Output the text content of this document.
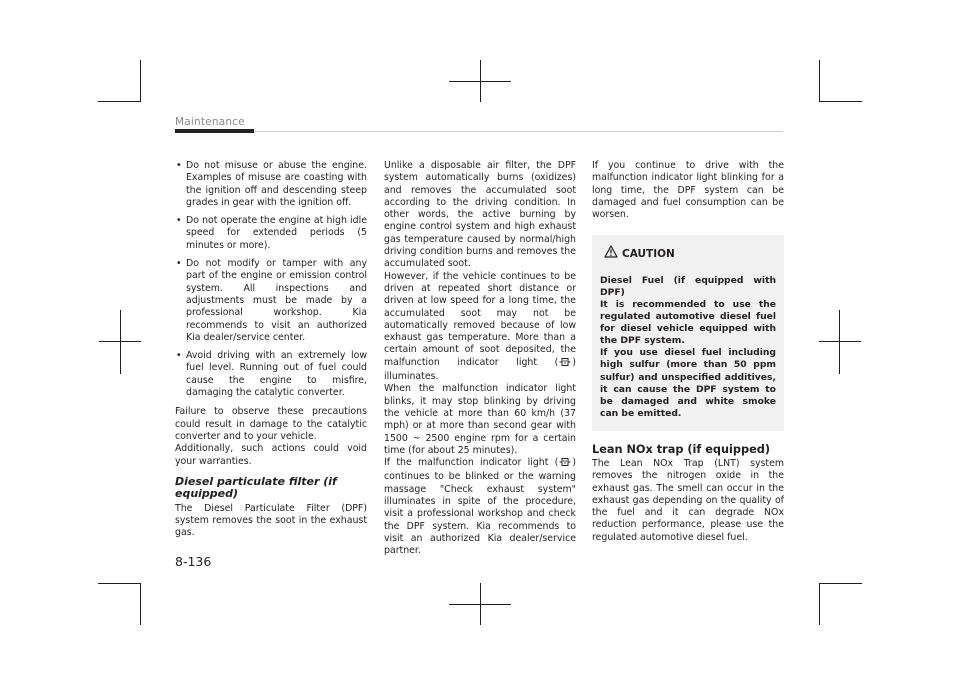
Maintenance
• Do not misuse or abuse the engine. Examples of misuse are coasting with the ignition off and descending steep grades in gear with the ignition off.
• Do not operate the engine at high idle speed for extended periods (5 minutes or more).
• Do not modify or tamper with any part of the engine or emission control system. All inspections and adjustments must be made by a professional workshop. Kia recommends to visit an authorized Kia dealer/service center.
• Avoid driving with an extremely low fuel level. Running out of fuel could cause the engine to misfire, damaging the catalytic converter.

Failure to observe these precautions could result in damage to the catalytic converter and to your vehicle.

Additionally, such actions could void your warranties.

Diesel particulate filter (if equipped)

The Diesel Particulate Filter (DPF) system removes the soot in the exhaust gas.

Unlike a disposable air filter, the DPF system automatically burns (oxidizes) and removes the accumulated soot according to the driving condition. In other words, the active burning by engine control system and high exhaust gas temperature caused by normal/high driving condition burns and removes the accumulated soot.

However, if the vehicle continues to be driven at repeated short distance or driven at low speed for a long time, the accumulated soot may not be automatically removed because of low exhaust gas temperature. More than a certain amount of soot deposited, the malfunction indicator light ( ) illuminates.

When the malfunction indicator light blinks, it may stop blinking by driving the vehicle at more than 60 km/h (37 mph) or at more than second gear with 1500 ~ 2500 engine rpm for a certain time (for about 25 minutes).

If the malfunction indicator light ( ) continues to be blinked or the warning massage "Check exhaust system" illuminates in spite of the procedure, visit a professional workshop and check the DPF system. Kia recommends to visit an authorized Kia dealer/service partner.

If you continue to drive with the malfunction indicator light blinking for a long time, the DPF system can be damaged and fuel consumption can be worsen.

CAUTION

Diesel Fuel (if equipped with DPF)

It is recommended to use the regulated automotive diesel fuel for diesel vehicle equipped with the DPF system.

If you use diesel fuel including high sulfur (more than 50 ppm sulfur) and unspecified additives, it can cause the DPF system to be damaged and white smoke can be emitted.

Lean NOx trap (if equipped)

The Lean NOx Trap (LNT) system removes the nitrogen oxide in the exhaust gas. The smell can occur in the exhaust gas depending on the quality of the fuel and it can degrade NOx reduction performance, please use the regulated automotive diesel fuel.

8-136
